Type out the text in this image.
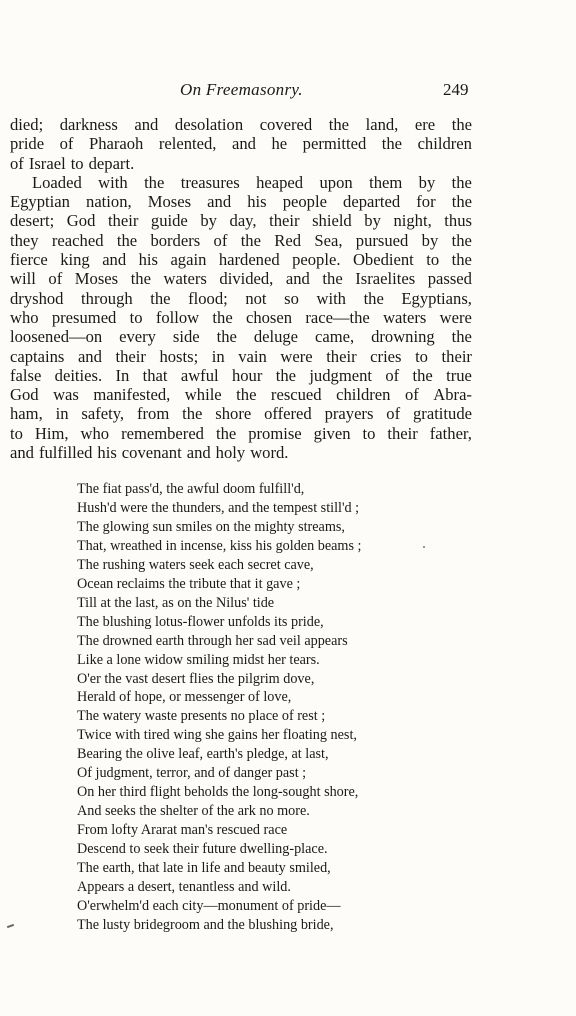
On Freemasonry.	249
died; darkness and desolation covered the land, ere the
pride of Pharaoh relented, and he permitted the children
of Israel to depart.
Loaded with the treasures heaped upon them by the
Egyptian nation, Moses and his people departed for the
desert; God their guide by day, their shield by night, thus
they reached the borders of the Red Sea, pursued by the
fierce king and his again hardened people. Obedient to the
will of Moses the waters divided, and the Israelites passed
dryshod through the flood; not so with the Egyptians,
who presumed to follow the chosen race—the waters were
loosened—on every side the deluge came, drowning the
captains and their hosts; in vain were their cries to their
false deities. In that awful hour the judgment of the true
God was manifested, while the rescued children of Abra-
ham, in safety, from the shore offered prayers of gratitude
to Him, who remembered the promise given to their father,
and fulfilled his covenant and holy word.
The fiat pass'd, the awful doom fulfill'd,
Hush'd were the thunders, and the tempest still'd ;
The glowing sun smiles on the mighty streams,
That, wreathed in incense, kiss his golden beams ;
The rushing waters seek each secret cave,
Ocean reclaims the tribute that it gave ;
Till at the last, as on the Nilus' tide
The blushing lotus-flower unfolds its pride,
The drowned earth through her sad veil appears
Like a lone widow smiling midst her tears.
O'er the vast desert flies the pilgrim dove,
Herald of hope, or messenger of love,
The watery waste presents no place of rest ;
Twice with tired wing she gains her floating nest,
Bearing the olive leaf, earth's pledge, at last,
Of judgment, terror, and of danger past ;
On her third flight beholds the long-sought shore,
And seeks the shelter of the ark no more.
From lofty Ararat man's rescued race
Descend to seek their future dwelling-place.
The earth, that late in life and beauty smiled,
Appears a desert, tenantless and wild.
O'erwhelm'd each city—monument of pride—
The lusty bridegroom and the blushing bride,
